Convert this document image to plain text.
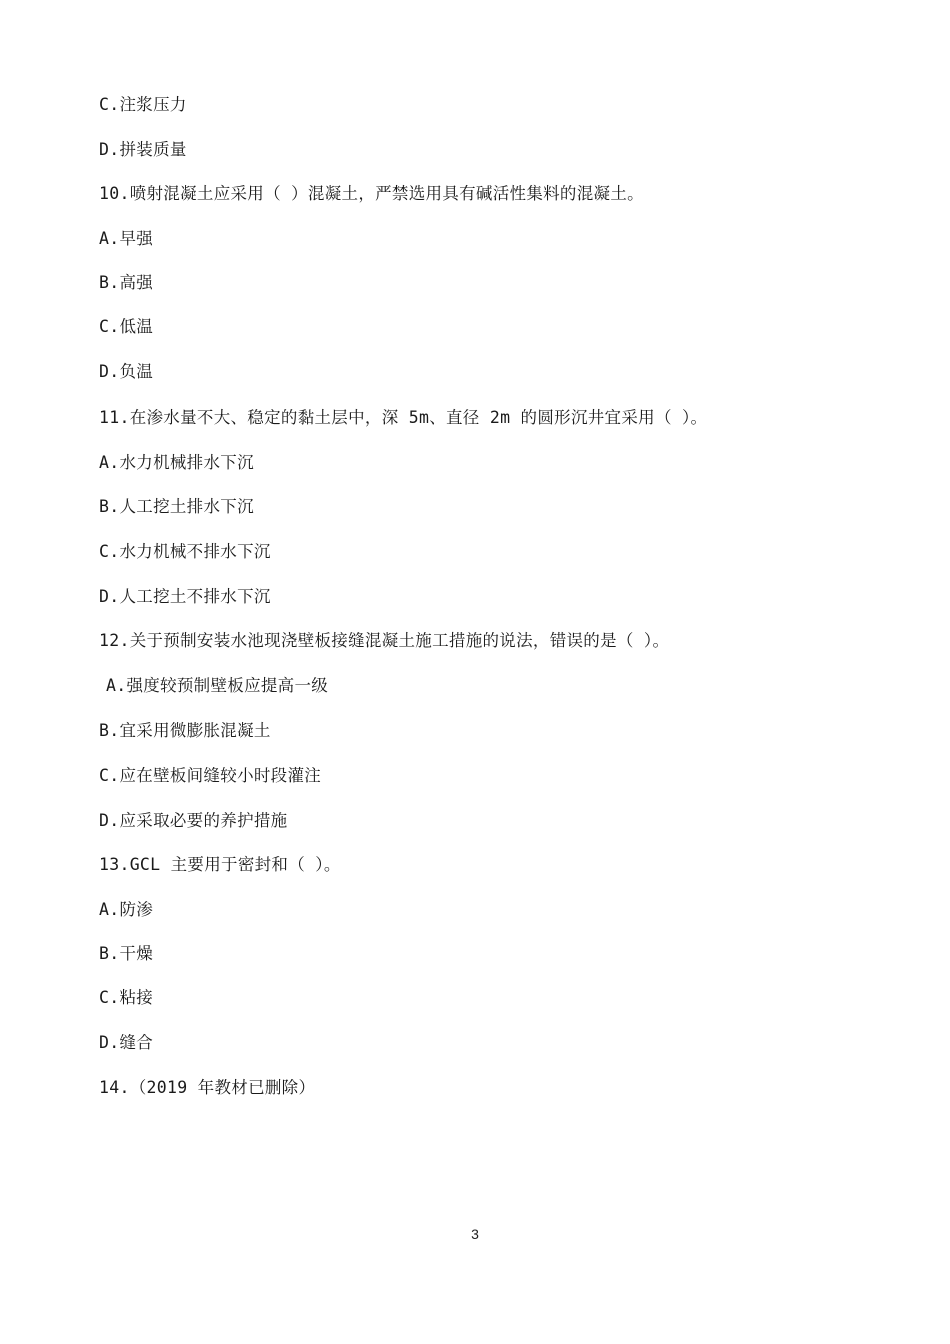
C.注浆压力
D.拼装质量
10.喷射混凝土应采用（ ）混凝土，严禁选用具有碱活性集料的混凝土。
A.早强
B.高强
C.低温
D.负温
11.在渗水量不大、稳定的黏土层中，深 5m、直径 2m 的圆形沉井宜采用（ ）。
A.水力机械排水下沉
B.人工挖土排水下沉
C.水力机械不排水下沉
D.人工挖土不排水下沉
12.关于预制安装水池现浇壁板接缝混凝土施工措施的说法，错误的是（ ）。
A.强度较预制壁板应提高一级
B.宜采用微膨胀混凝土
C.应在壁板间缝较小时段灌注
D.应采取必要的养护措施
13.GCL 主要用于密封和（ ）。
A.防渗
B.干燥
C.粘接
D.缝合
14.（2019 年教材已删除）
3
